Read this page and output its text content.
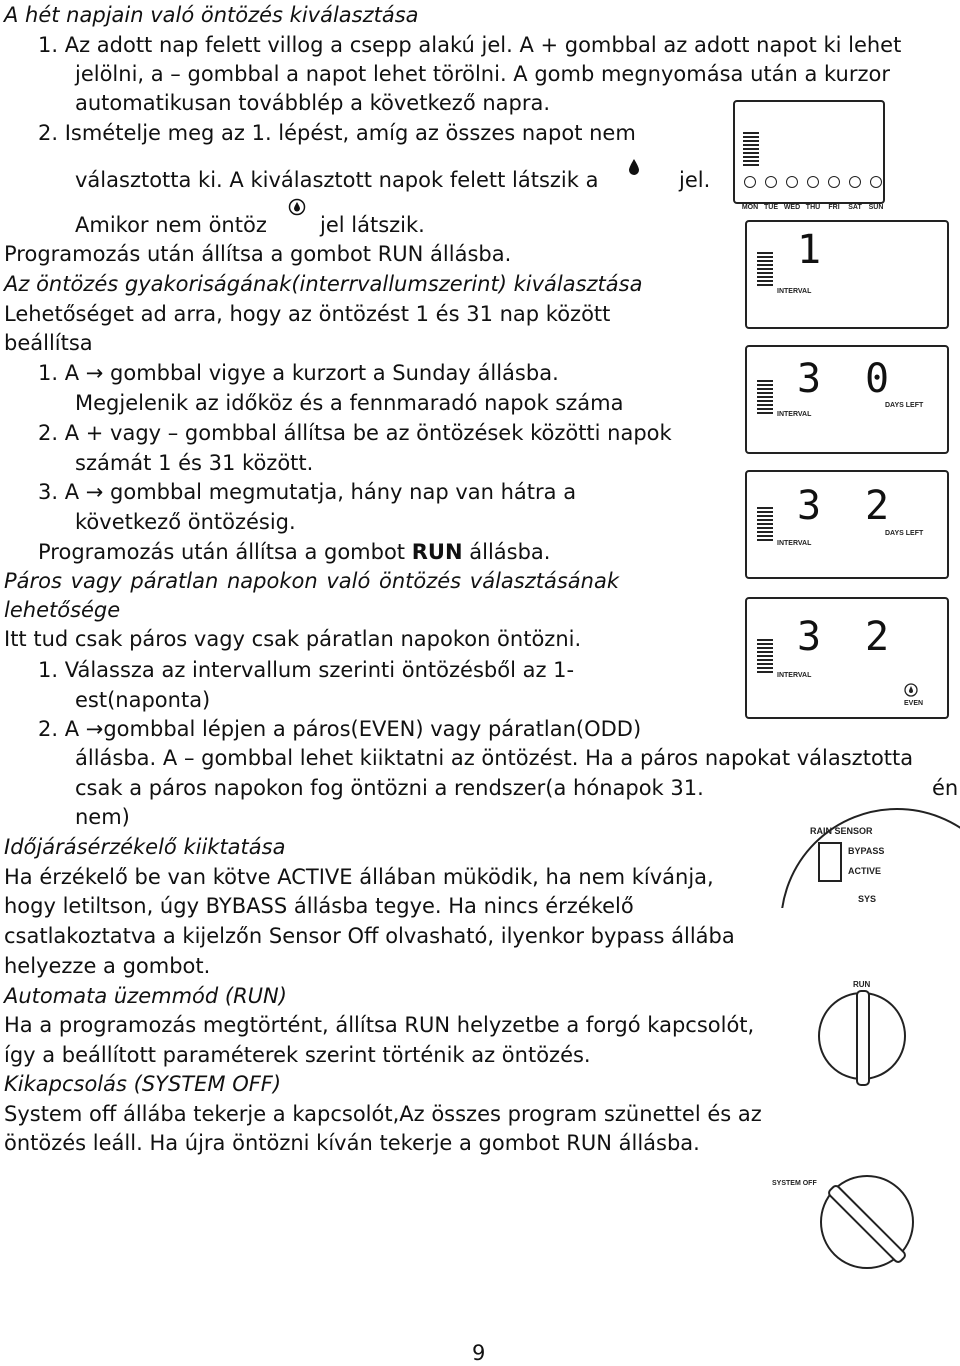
A hét napjain való öntözés kiválasztása
1. Az adott nap felett villog a csepp alakú jel. A + gombbal az adott napot ki lehet
jelölni, a – gombbal a napot lehet törölni. A gomb megnyomása után a kurzor
automatikusan továbblép a következő napra.
2. Ismételje meg az 1. lépést, amíg az összes napot nem
választotta ki. A kiválasztott napok felett látszik a	jel.
Amikor nem öntöz	jel látszik.
Programozás után állítsa a gombot RUN állásba.
Az öntözés gyakoriságának(interrvallumszerint) kiválasztása
Lehetőséget ad arra, hogy az öntözést 1 és 31 nap között
beállítsa
1. A → gombbal vigye a kurzort a Sunday állásba.
Megjelenik az időköz és a fennmaradó napok száma
2. A + vagy – gombbal állítsa be az öntözések közötti napok
számát 1 és 31 között.
3. A → gombbal megmutatja, hány nap van hátra a
következő öntözésig.
Programozás után állítsa a gombot RUN állásba.
Páros vagy páratlan napokon való öntözés választásának
lehetősége
Itt tud csak páros vagy csak páratlan napokon öntözni.
1. Válassza az intervallum szerinti öntözésből az 1-
est(naponta)
2. A →gombbal lépjen a páros(EVEN) vagy páratlan(ODD)
állásba. A – gombbal lehet kiiktatni az öntözést. Ha a páros napokat választotta
csak a páros napokon fog öntözni a rendszer(a hónapok 31.	én
nem)
Időjárásérzékelő kiiktatása
Ha érzékelő be van kötve ACTIVE állában müködik, ha nem kívánja,
hogy letiltson, úgy BYBASS állásba tegye. Ha nincs érzékelő
csatlakoztatva a kijelzőn Sensor Off olvasható, ilyenkor bypass állába
helyezze a gombot.
Automata üzemmód (RUN)
Ha a programozás megtörtént, állítsa RUN helyzetbe a forgó kapcsolót,
így a beállított paraméterek szerint történik az öntözés.
Kikapcsolás (SYSTEM OFF)
System off állába tekerje a kapcsolót,Az összes program szünettel és az
öntözés leáll. Ha újra öntözni kíván tekerje a gombot RUN állásba.
9
MON TUE WED THU	FRI	SAT SUN
1
INTERVAL
3 0
INTERVAL
DAYS LEFT
3 2
INTERVAL
DAYS LEFT
3 2
INTERVAL
EVEN
RAIN SENSOR
BYPASS
ACTIVE
SYS
RUN
SYSTEM OFF
